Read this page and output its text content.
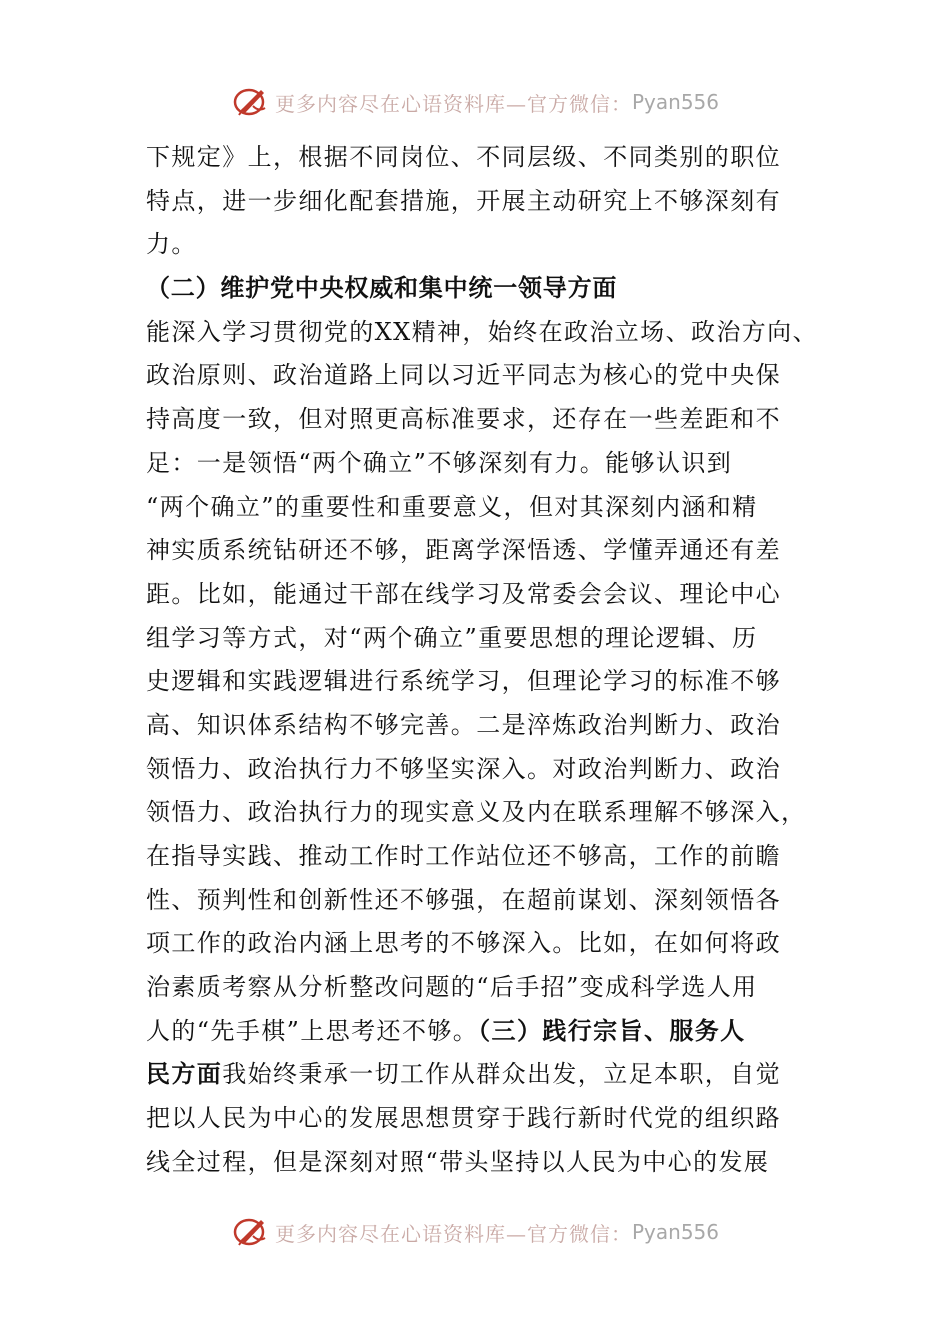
更多内容尽在心语资料库—官方微信： Pyan556
下规定》上，根据不同岗位、不同层级、不同类别的职位
特点，进一步细化配套措施，开展主动研究上不够深刻有
力。
（二）维护党中央权威和集中统一领导方面
能深入学习贯彻党的XX精神，始终在政治立场、政治方向、
政治原则、政治道路上同以习近平同志为核心的党中央保
持高度一致，但对照更高标准要求，还存在一些差距和不
足：一是领悟“两个确立”不够深刻有力。能够认识到
“两个确立”的重要性和重要意义，但对其深刻内涵和精
神实质系统钻研还不够，距离学深悟透、学懂弄通还有差
距。比如，能通过干部在线学习及常委会会议、理论中心
组学习等方式，对“两个确立”重要思想的理论逻辑、历
史逻辑和实践逻辑进行系统学习，但理论学习的标准不够
高、知识体系结构不够完善。二是淬炼政治判断力、政治
领悟力、政治执行力不够坚实深入。对政治判断力、政治
领悟力、政治执行力的现实意义及内在联系理解不够深入，
在指导实践、推动工作时工作站位还不够高，工作的前瞻
性、预判性和创新性还不够强，在超前谋划、深刻领悟各
项工作的政治内涵上思考的不够深入。比如，在如何将政
治素质考察从分析整改问题的“后手招”变成科学选人用
人的“先手棋”上思考还不够。（三）践行宗旨、服务人
民方面我始终秉承一切工作从群众出发，立足本职，自觉
把以人民为中心的发展思想贯穿于践行新时代党的组织路
线全过程，但是深刻对照“带头坚持以人民为中心的发展
更多内容尽在心语资料库—官方微信： Pyan556
